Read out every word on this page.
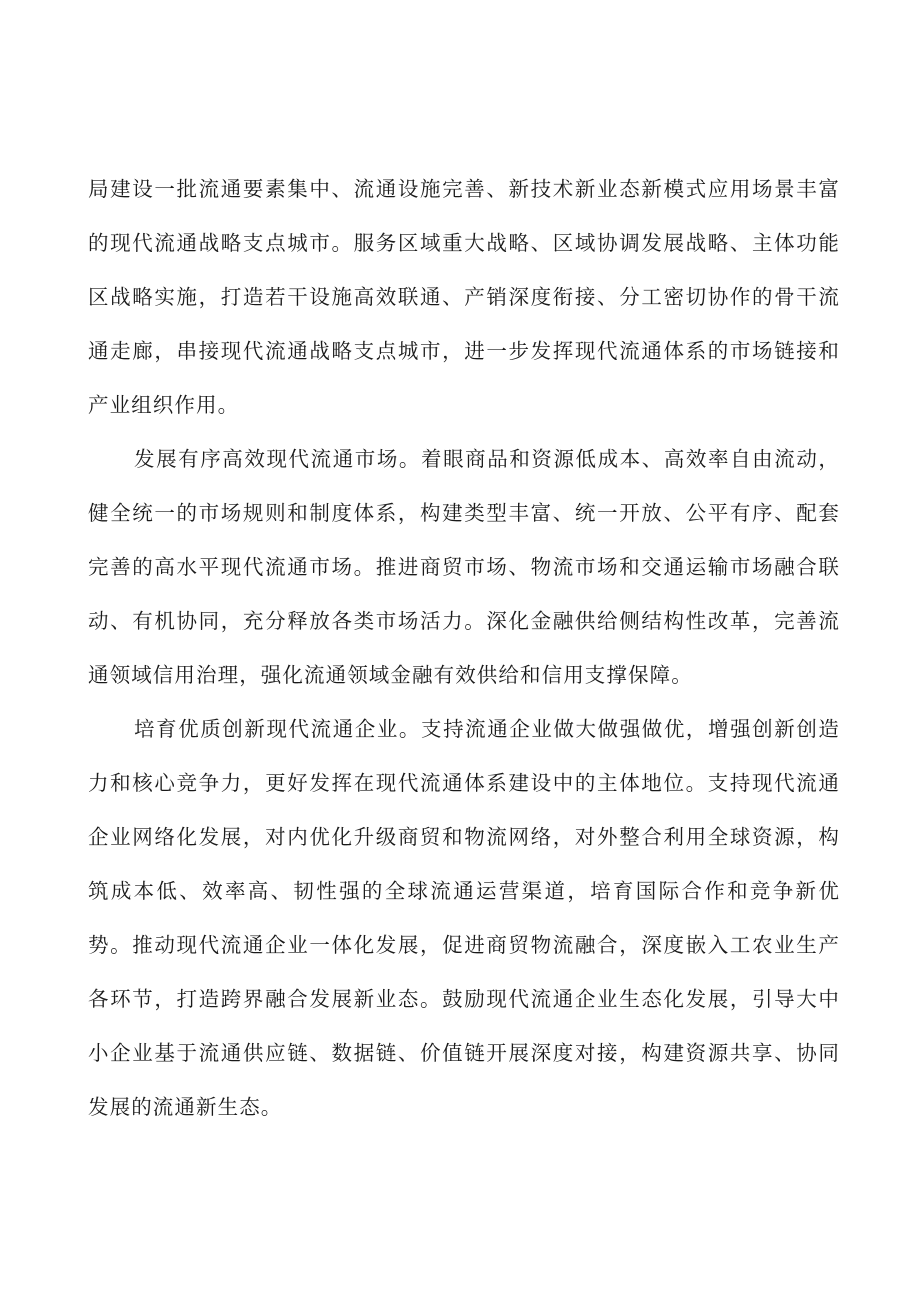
局建设一批流通要素集中、流通设施完善、新技术新业态新模式应用场景丰富的现代流通战略支点城市。服务区域重大战略、区域协调发展战略、主体功能区战略实施，打造若干设施高效联通、产销深度衔接、分工密切协作的骨干流通走廊，串接现代流通战略支点城市，进一步发挥现代流通体系的市场链接和产业组织作用。

发展有序高效现代流通市场。着眼商品和资源低成本、高效率自由流动，健全统一的市场规则和制度体系，构建类型丰富、统一开放、公平有序、配套完善的高水平现代流通市场。推进商贸市场、物流市场和交通运输市场融合联动、有机协同，充分释放各类市场活力。深化金融供给侧结构性改革，完善流通领域信用治理，强化流通领域金融有效供给和信用支撑保障。

培育优质创新现代流通企业。支持流通企业做大做强做优，增强创新创造力和核心竞争力，更好发挥在现代流通体系建设中的主体地位。支持现代流通企业网络化发展，对内优化升级商贸和物流网络，对外整合利用全球资源，构筑成本低、效率高、韧性强的全球流通运营渠道，培育国际合作和竞争新优势。推动现代流通企业一体化发展，促进商贸物流融合，深度嵌入工农业生产各环节，打造跨界融合发展新业态。鼓励现代流通企业生态化发展，引导大中小企业基于流通供应链、数据链、价值链开展深度对接，构建资源共享、协同发展的流通新生态。
